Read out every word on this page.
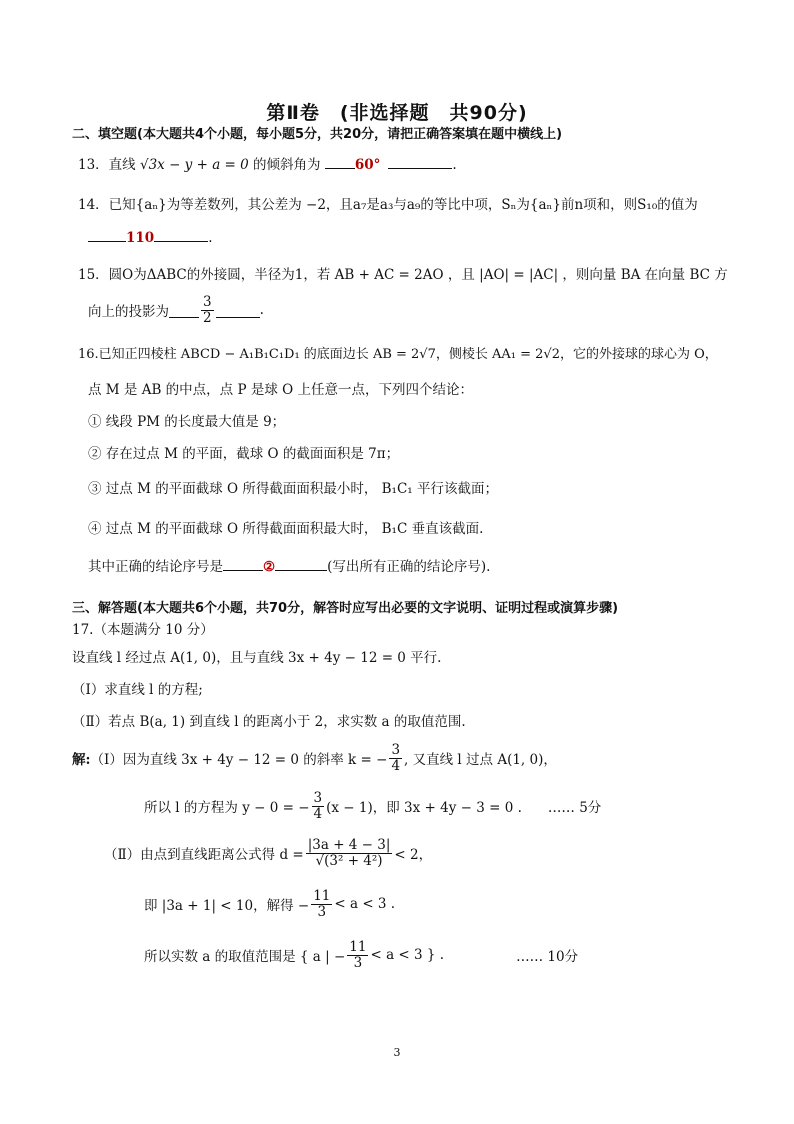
第Ⅱ卷　(非选择题　共90分)
二、填空题(本大题共4个小题，每小题5分，共20分，请把正确答案填在题中横线上)
13．直线 √3x − y + a = 0 的倾斜角为	60°	.
14．已知{aₙ}为等差数列，其公差为 −2，且a₇是a₃与a₉的等比中项，Sₙ为{aₙ}前n项和，则S₁₀的值为
110	.
15．圆O为ΔABC的外接圆，半径为1，若 AB + AC = 2AO ，且 |AO| = |AC| ，则向量 BA 在向量 BC 方
向上的投影为 $\frac{3}{2}$	.
16.已知正四棱柱 ABCD − A₁B₁C₁D₁ 的底面边长 AB = 2√7，侧棱长 AA₁ = 2√2，它的外接球的球心为 O，
点 M 是 AB 的中点，点 P 是球 O 上任意一点，下列四个结论：
① 线段 PM 的长度最大值是 9；
② 存在过点 M 的平面，截球 O 的截面面积是 7π；
③ 过点 M 的平面截球 O 所得截面面积最小时， B₁C₁ 平行该截面；
④ 过点 M 的平面截球 O 所得截面面积最大时， B₁C 垂直该截面.
其中正确的结论序号是	②	(写出所有正确的结论序号).
三、解答题(本大题共6个小题，共70分，解答时应写出必要的文字说明、证明过程或演算步骤)
17.（本题满分 10 分）
设直线 l 经过点 A(1, 0)，且与直线 3x + 4y − 12 = 0 平行.
（Ⅰ）求直线 l 的方程;
（Ⅱ）若点 B(a, 1) 到直线 l 的距离小于 2，求实数 a 的取值范围.
解: （Ⅰ）因为直线 3x + 4y − 12 = 0 的斜率 k = − $\frac{3}{4}$ , 又直线 l 过点 A(1, 0)，
所以 l 的方程为 y − 0 = − $\frac{3}{4} (x - 1)$，即 3x + 4y − 3 = 0 . …… 5分
（Ⅱ）由点到直线距离公式得 $d = \frac{|3a + 4 - 3|}{\text{√(3² + 4²)}} < 2$，
即 |3a + 1| < 10，解得 − $\frac{11}{3} < a < 3$ .
所以实数 a 的取值范围是 { a | − $\frac{11}{3} < a < 3$ } .	…… 10分
3
